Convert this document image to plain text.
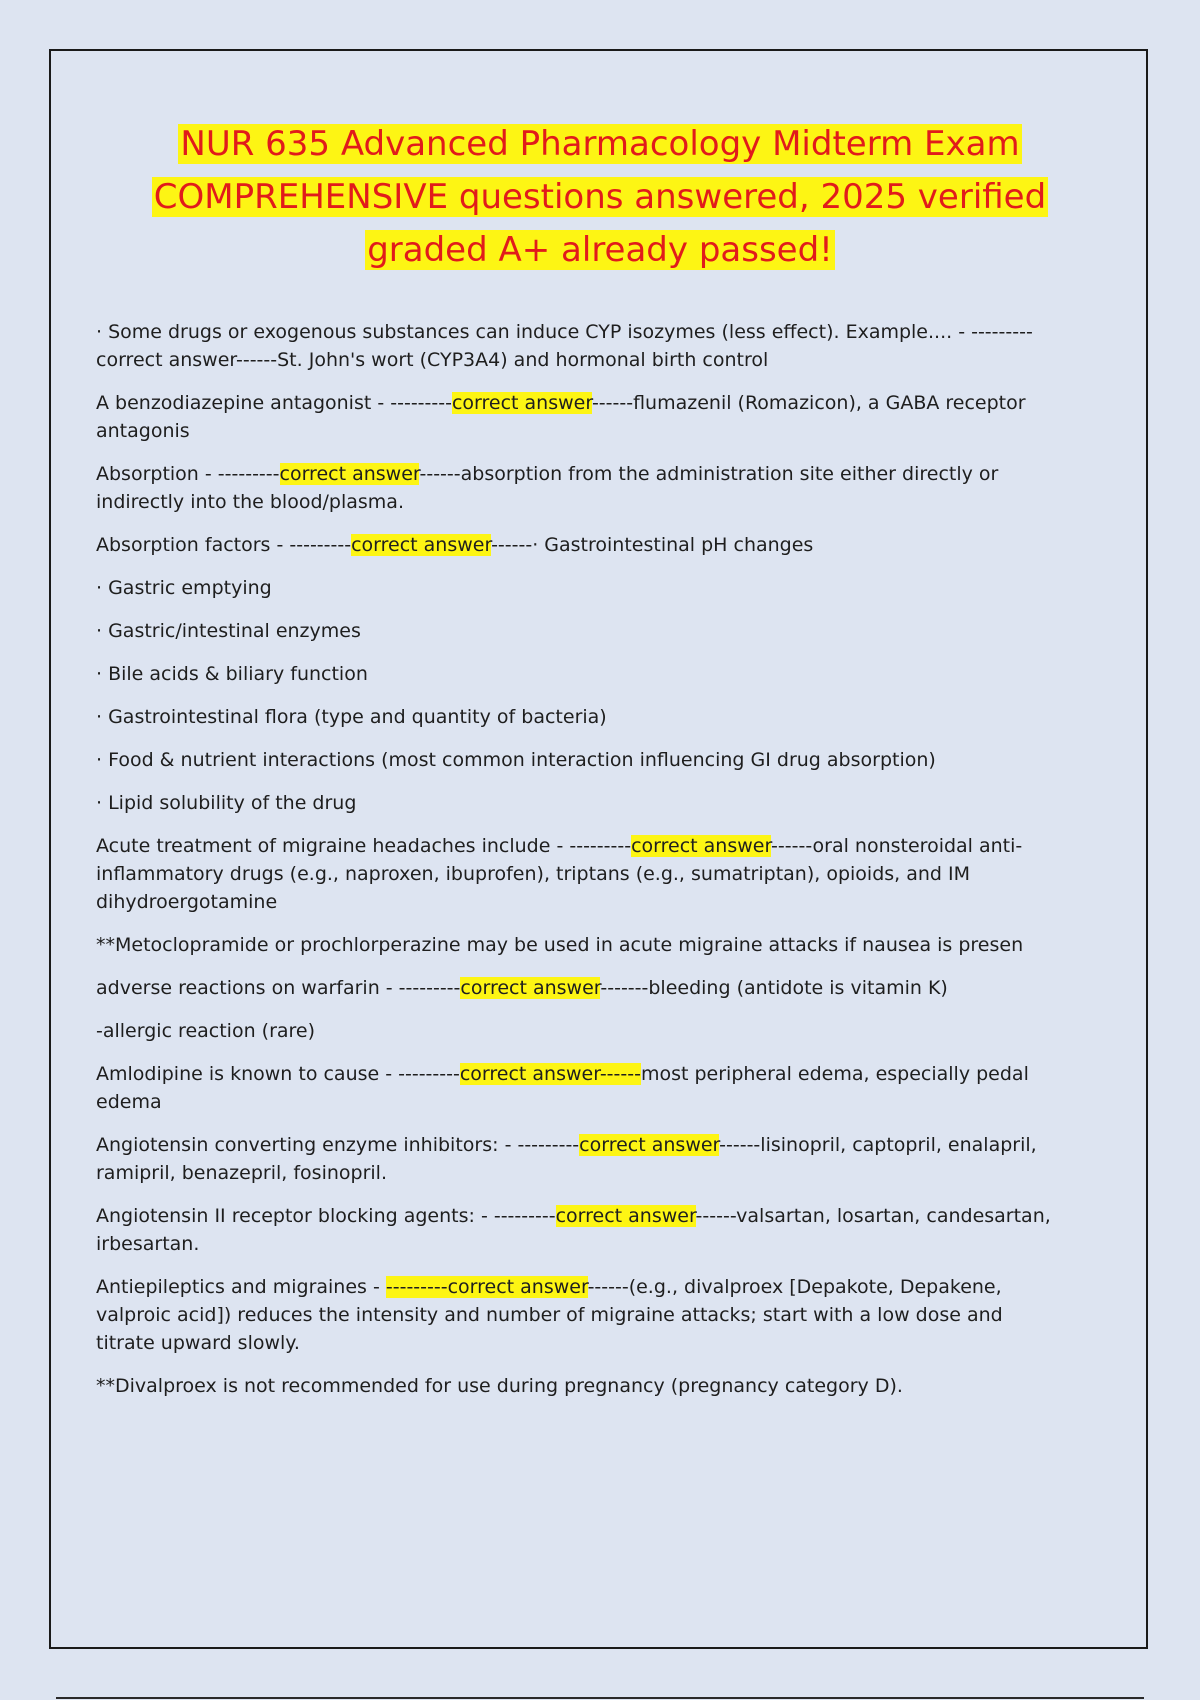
NUR 635 Advanced Pharmacology Midterm Exam
COMPREHENSIVE questions answered, 2025 verified
graded A+ already passed!

· Some drugs or exogenous substances can induce CYP isozymes (less effect). Example.... - ---------correct answer------St. John's wort (CYP3A4) and hormonal birth control

A benzodiazepine antagonist - ---------correct answer------flumazenil (Romazicon), a GABA receptor antagonis

Absorption - ---------correct answer------absorption from the administration site either directly or indirectly into the blood/plasma.

Absorption factors - ---------correct answer------· Gastrointestinal pH changes

· Gastric emptying

· Gastric/intestinal enzymes

· Bile acids & biliary function

· Gastrointestinal flora (type and quantity of bacteria)

· Food & nutrient interactions (most common interaction influencing GI drug absorption)

· Lipid solubility of the drug

Acute treatment of migraine headaches include - ---------correct answer------oral nonsteroidal anti-inflammatory drugs (e.g., naproxen, ibuprofen), triptans (e.g., sumatriptan), opioids, and IM dihydroergotamine

**Metoclopramide or prochlorperazine may be used in acute migraine attacks if nausea is presen

adverse reactions on warfarin - ---------correct answer-------bleeding (antidote is vitamin K)

-allergic reaction (rare)

Amlodipine is known to cause - ---------correct answer------most peripheral edema, especially pedal edema

Angiotensin converting enzyme inhibitors: - ---------correct answer------lisinopril, captopril, enalapril, ramipril, benazepril, fosinopril.

Angiotensin II receptor blocking agents: - ---------correct answer------valsartan, losartan, candesartan, irbesartan.

Antiepileptics and migraines - ---------correct answer------(e.g., divalproex [Depakote, Depakene, valproic acid]) reduces the intensity and number of migraine attacks; start with a low dose and titrate upward slowly.

**Divalproex is not recommended for use during pregnancy (pregnancy category D).
